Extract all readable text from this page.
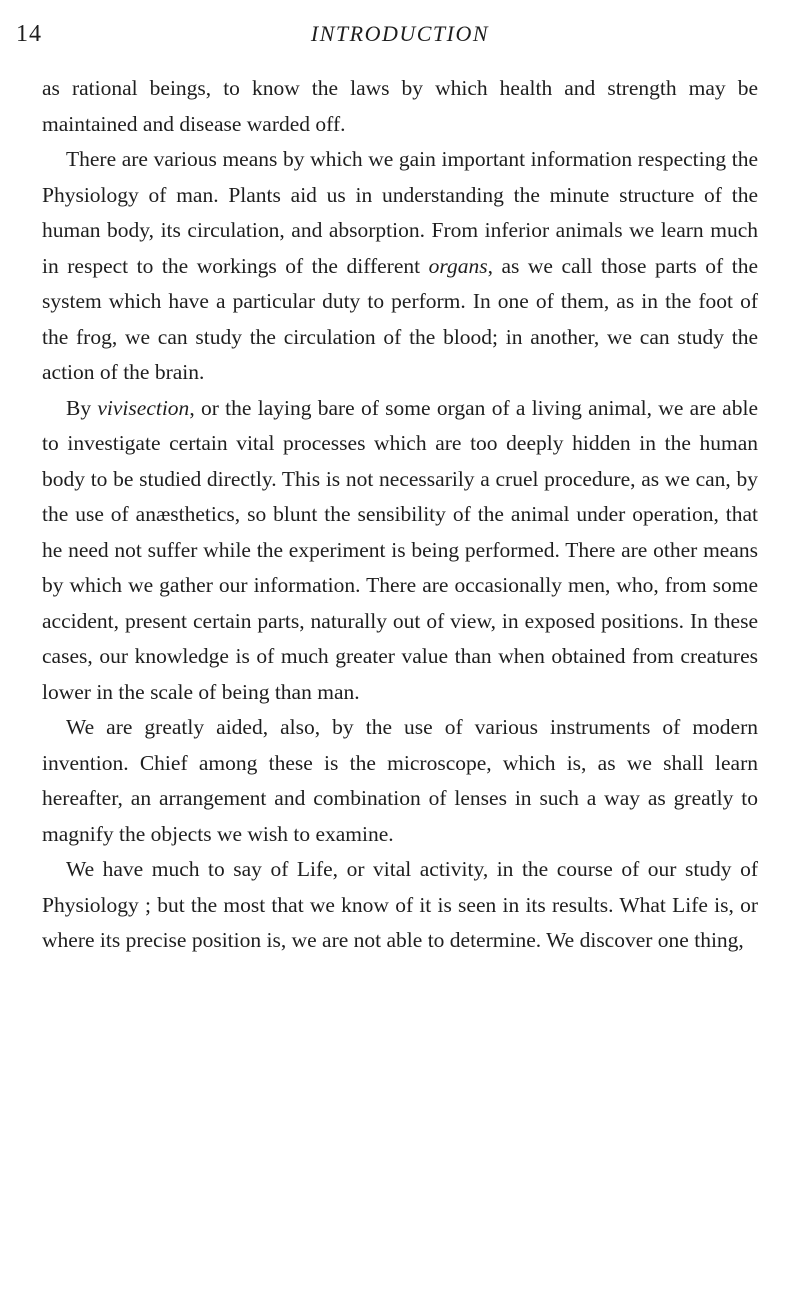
14	INTRODUCTION

as rational beings, to know the laws by which health and strength may be maintained and disease warded off.

There are various means by which we gain important information respecting the Physiology of man. Plants aid us in understanding the minute structure of the human body, its circulation, and absorption. From inferior animals we learn much in respect to the workings of the different organs, as we call those parts of the system which have a particular duty to perform. In one of them, as in the foot of the frog, we can study the circulation of the blood; in another, we can study the action of the brain.

By vivisection, or the laying bare of some organ of a living animal, we are able to investigate certain vital processes which are too deeply hidden in the human body to be studied directly. This is not necessarily a cruel procedure, as we can, by the use of anæsthetics, so blunt the sensibility of the animal under operation, that he need not suffer while the experiment is being performed. There are other means by which we gather our information. There are occasionally men, who, from some accident, present certain parts, naturally out of view, in exposed positions. In these cases, our knowledge is of much greater value than when obtained from creatures lower in the scale of being than man.

We are greatly aided, also, by the use of various instruments of modern invention. Chief among these is the microscope, which is, as we shall learn hereafter, an arrangement and combination of lenses in such a way as greatly to magnify the objects we wish to examine.

We have much to say of Life, or vital activity, in the course of our study of Physiology ; but the most that we know of it is seen in its results. What Life is, or where its precise position is, we are not able to determine. We discover one thing,
